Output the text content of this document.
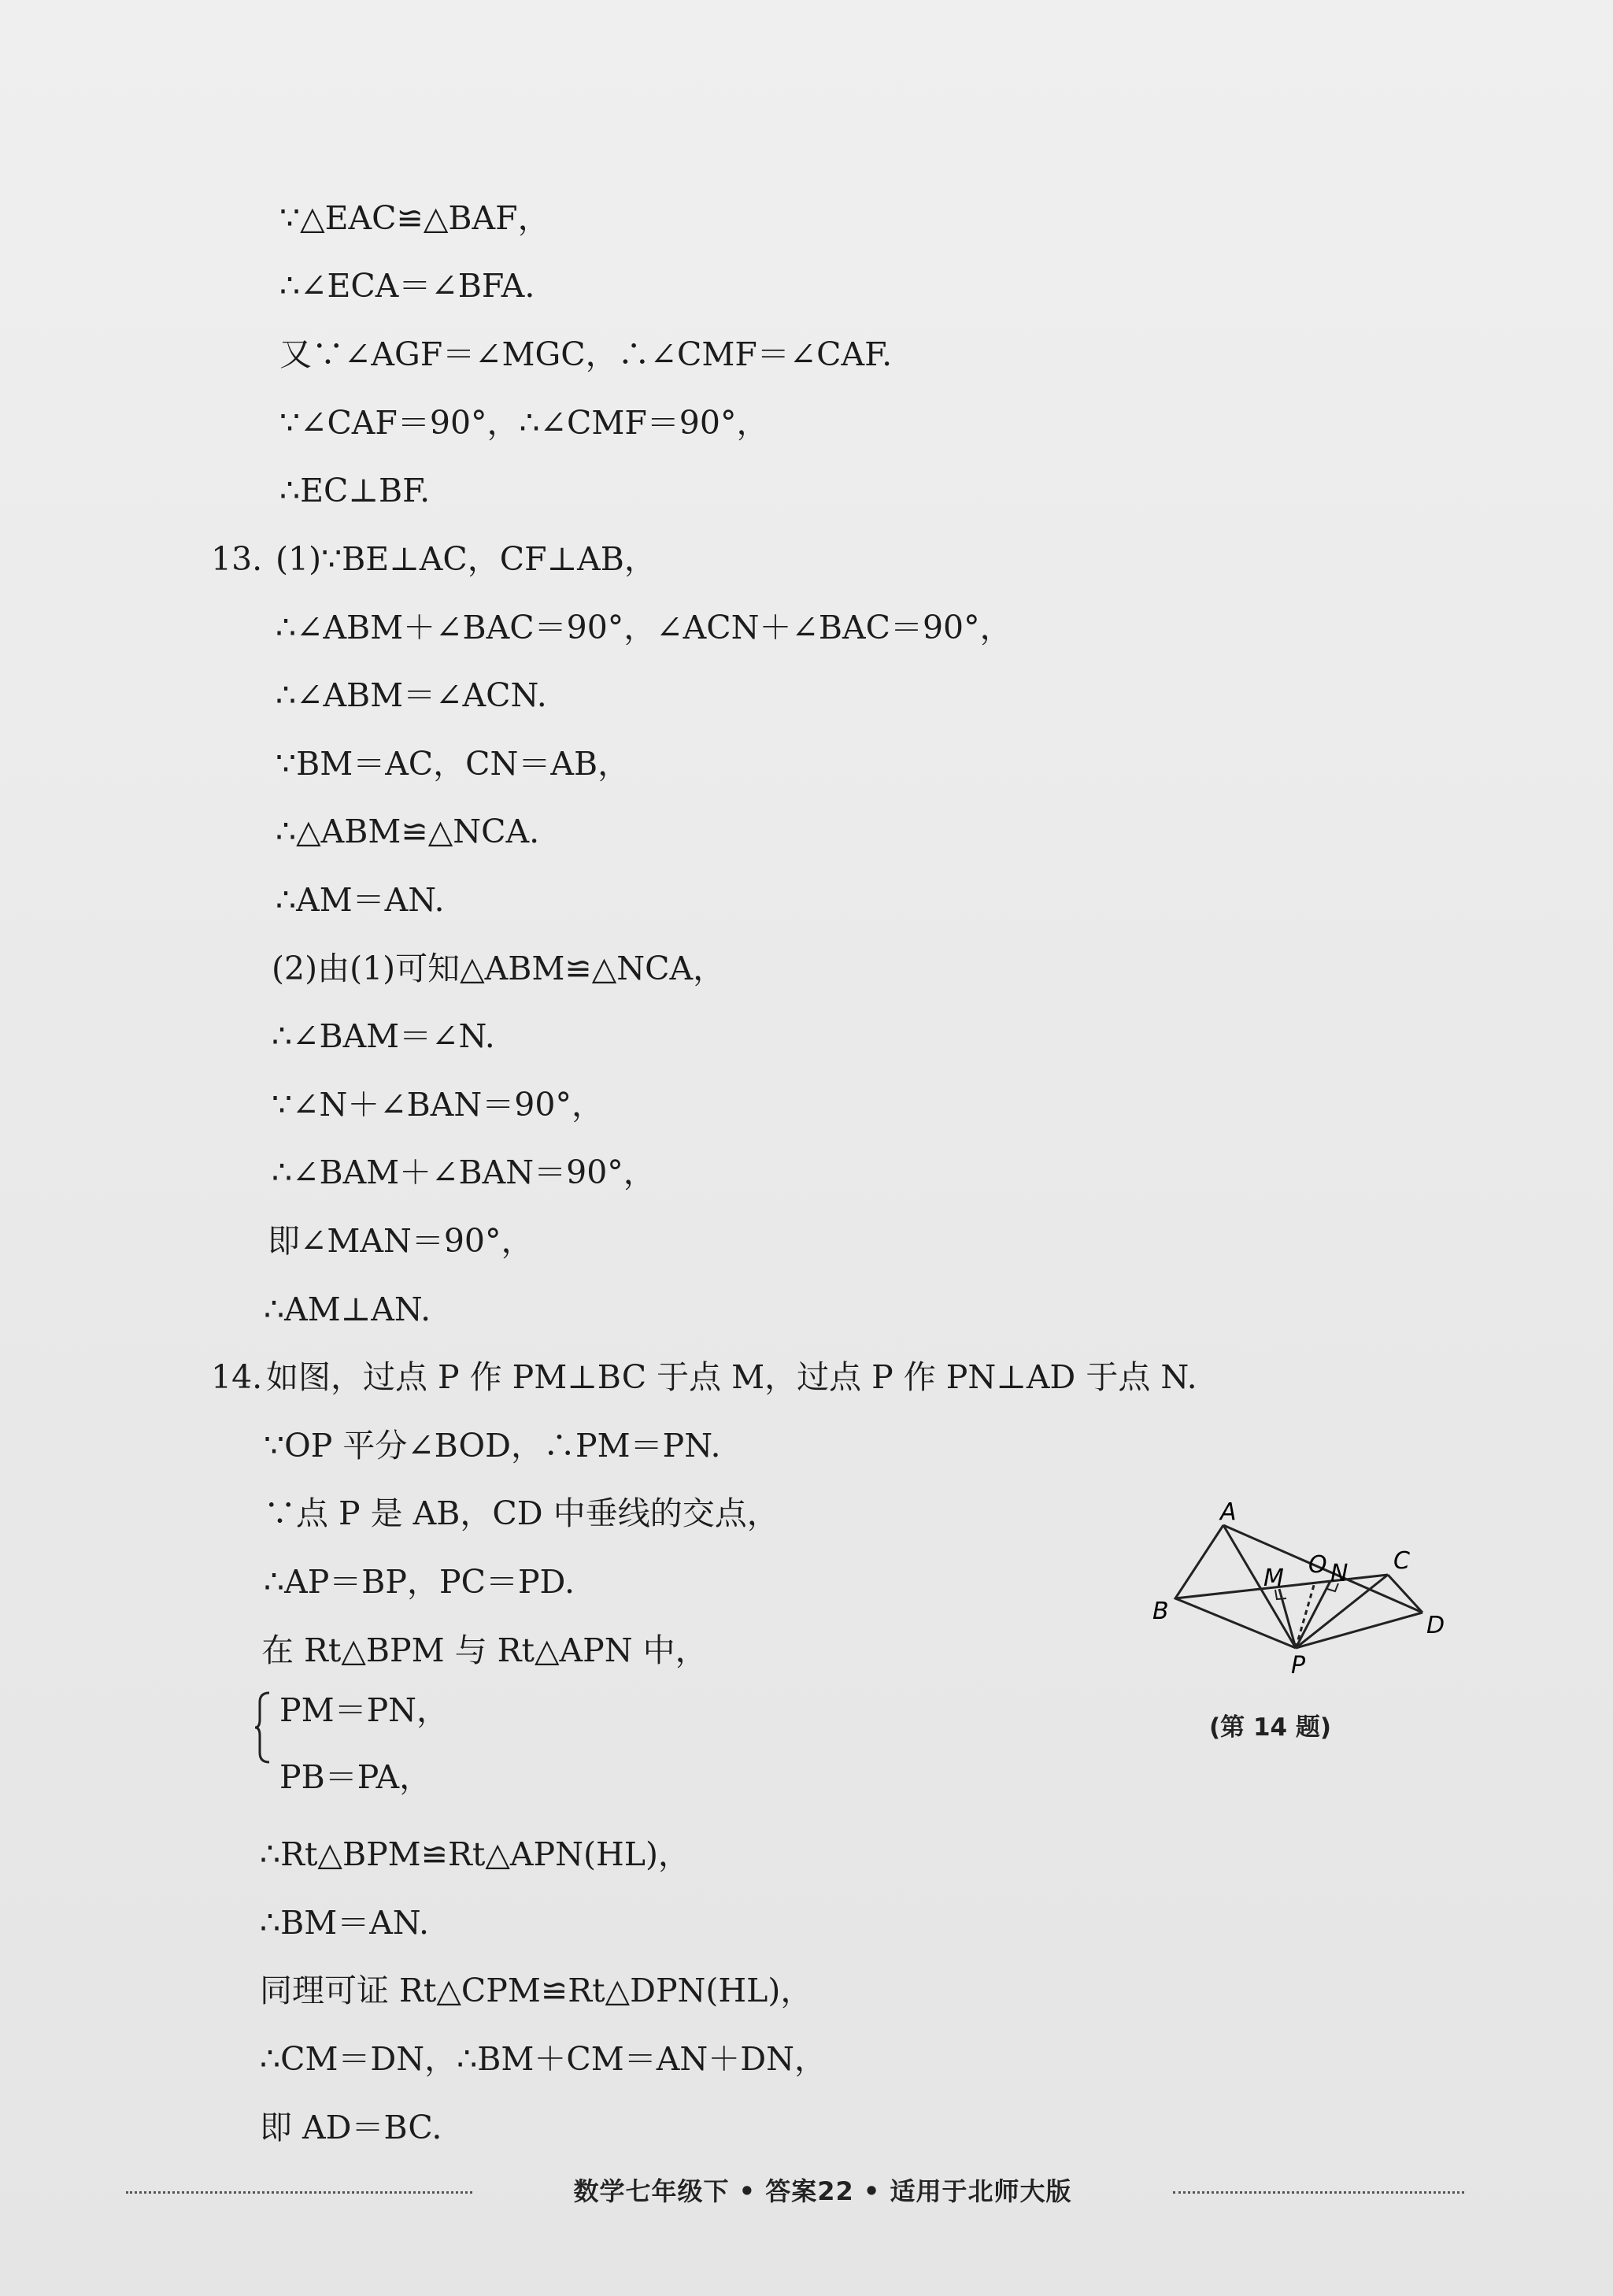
∵△EAC≌△BAF，
∴∠ECA＝∠BFA.
又∵∠AGF＝∠MGC，∴∠CMF＝∠CAF.
∵∠CAF＝90°，∴∠CMF＝90°，
∴EC⊥BF.
(1)∵BE⊥AC，CF⊥AB，
∴∠ABM＋∠BAC＝90°，∠ACN＋∠BAC＝90°，
∴∠ABM＝∠ACN.
∵BM＝AC，CN＝AB，
∴△ABM≌△NCA.
∴AM＝AN.
(2)由(1)可知△ABM≌△NCA，
∴∠BAM＝∠N.
∵∠N＋∠BAN＝90°，
∴∠BAM＋∠BAN＝90°，
即∠MAN＝90°，
∴AM⊥AN.
如图，过点 P 作 PM⊥BC 于点 M，过点 P 作 PN⊥AD 于点 N.
∵OP 平分∠BOD，∴PM＝PN.
∵点 P 是 AB，CD 中垂线的交点，
∴AP＝BP，PC＝PD.
在 Rt△BPM 与 Rt△APN 中，
PM＝PN，
PB＝PA，
∴Rt△BPM≌Rt△APN(HL)，
∴BM＝AN.
同理可证 Rt△CPM≌Rt△DPN(HL)，
∴CM＝DN，∴BM＋CM＝AN＋DN，
即 AD＝BC.
13.
14.
A
B
C
D
O
M N
P
(第 14 题)
数学七年级下 • 答案22 • 适用于北师大版
